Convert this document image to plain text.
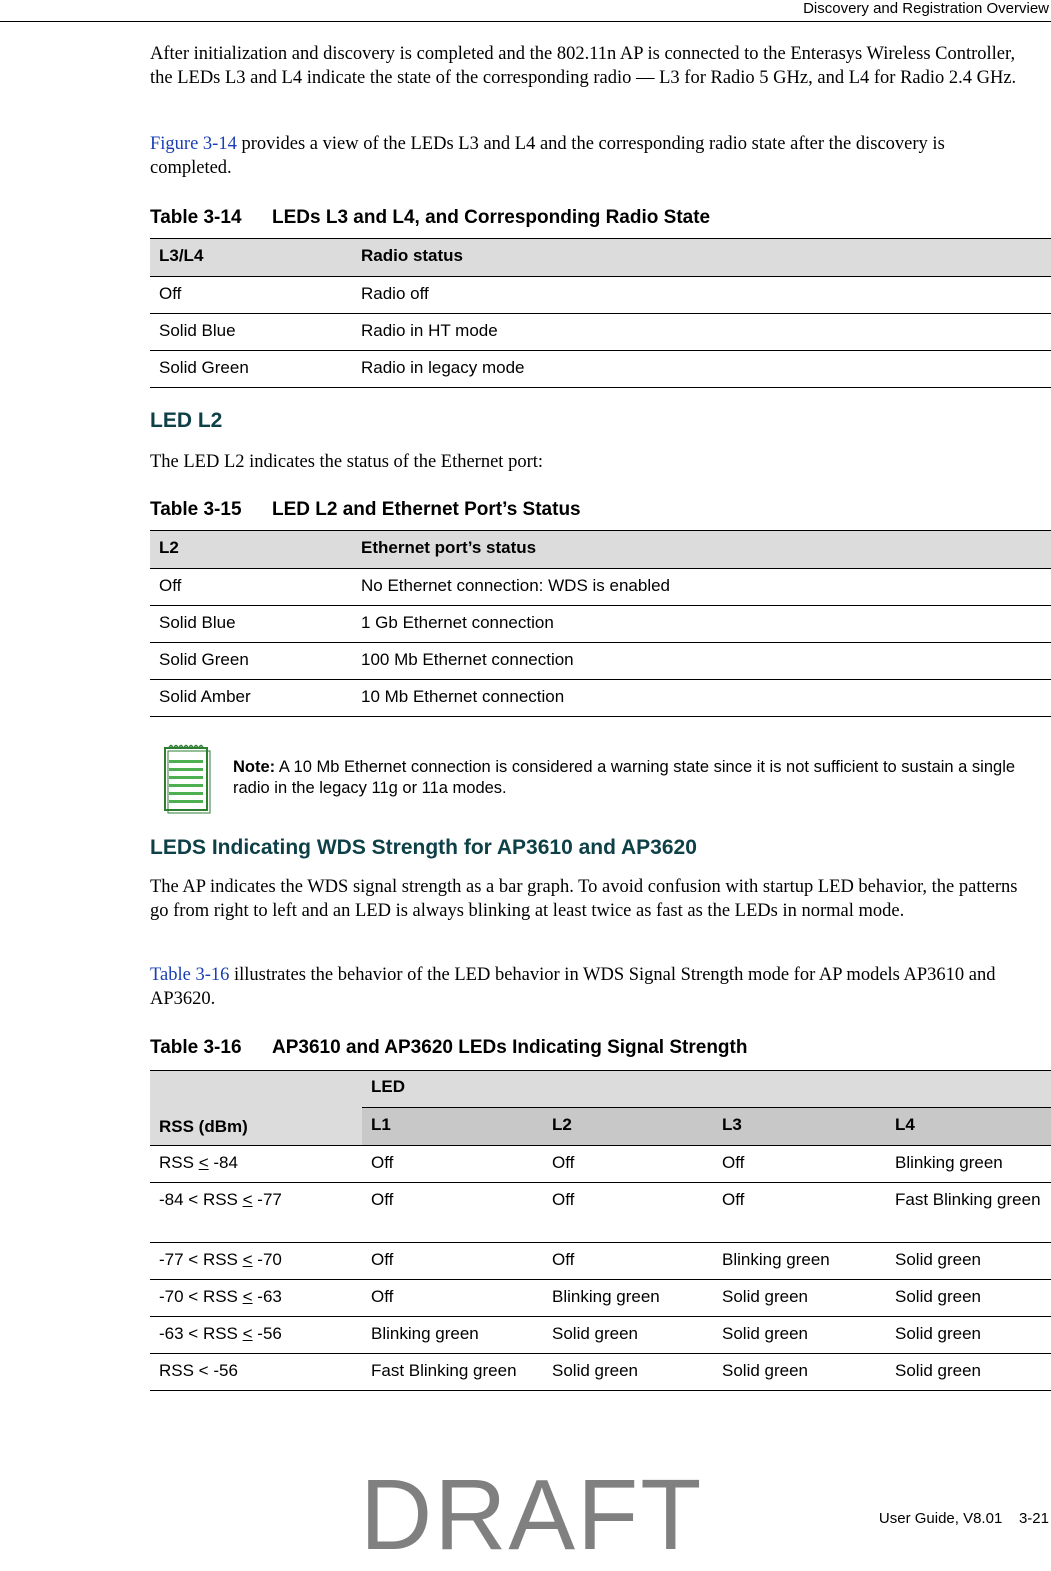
Discovery and Registration Overview

After initialization and discovery is completed and the 802.11n AP is connected to the Enterasys Wireless Controller, the LEDs L3 and L4 indicate the state of the corresponding radio — L3 for Radio 5 GHz, and L4 for Radio 2.4 GHz.

Figure 3-14 provides a view of the LEDs L3 and L4 and the corresponding radio state after the discovery is completed.

Table 3-14 LEDs L3 and L4, and Corresponding Radio State

L3/L4	Radio status
Off	Radio off
Solid Blue	Radio in HT mode
Solid Green	Radio in legacy mode

LED L2

The LED L2 indicates the status of the Ethernet port:

Table 3-15 LED L2 and Ethernet Port’s Status

L2	Ethernet port’s status
Off	No Ethernet connection: WDS is enabled
Solid Blue	1 Gb Ethernet connection
Solid Green	100 Mb Ethernet connection
Solid Amber	10 Mb Ethernet connection
Note: A 10 Mb Ethernet connection is considered a warning state since it is not sufficient to sustain a single radio in the legacy 11g or 11a modes.

LEDS Indicating WDS Strength for AP3610 and AP3620

The AP indicates the WDS signal strength as a bar graph. To avoid confusion with startup LED behavior, the patterns go from right to left and an LED is always blinking at least twice as fast as the LEDs in normal mode.

Table 3-16 illustrates the behavior of the LED behavior in WDS Signal Strength mode for AP models AP3610 and AP3620.

Table 3-16 AP3610 and AP3620 LEDs Indicating Signal Strength

RSS (dBm)	LED			
	L1	L2	L3	L4
RSS < -84	Off	Off	Off	Blinking green
-84 < RSS < -77	Off	Off	Off	Fast Blinking green
-77 < RSS < -70	Off	Off	Blinking green	Solid green
-70 < RSS < -63	Off	Blinking green	Solid green	Solid green
-63 < RSS < -56	Blinking green	Solid green	Solid green	Solid green
RSS < -56	Fast Blinking green	Solid green	Solid green	Solid green
User Guide, V8.01 3-21
DRAFT
